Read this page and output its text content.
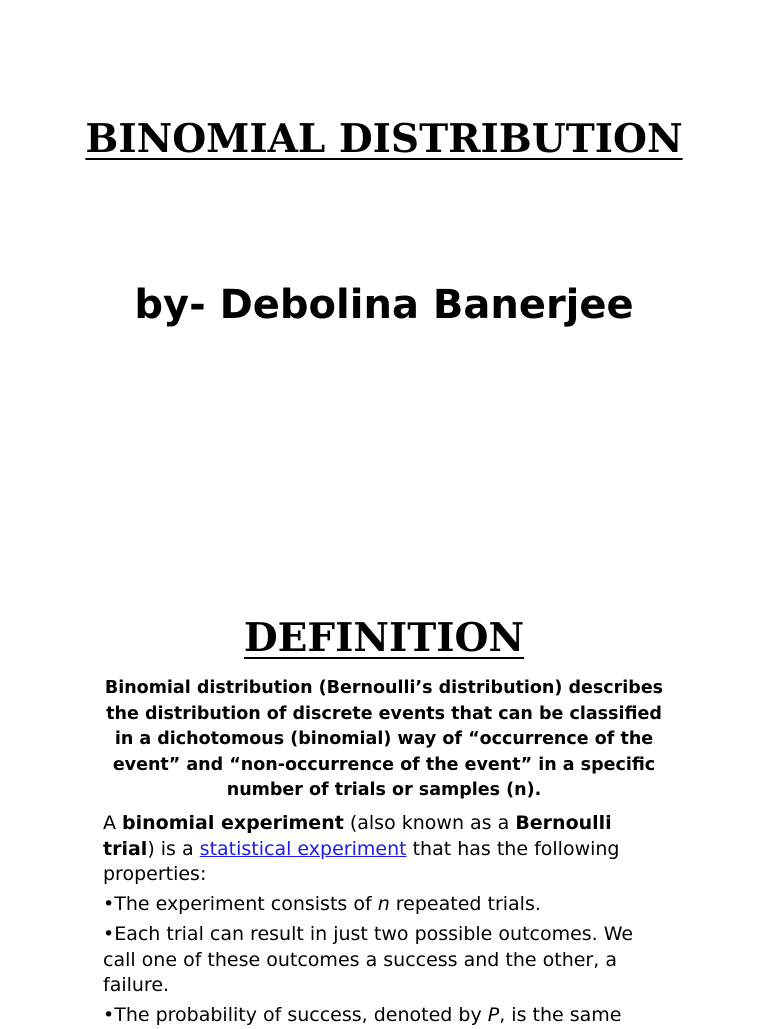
BINOMIAL DISTRIBUTION

by- Debolina Banerjee

DEFINITION

Binomial distribution (Bernoulli’s distribution) describes the distribution of discrete events that can be classified in a dichotomous (binomial) way of “occurrence of the event” and “non-occurrence of the event” in a specific number of trials or samples (n).

A binomial experiment (also known as a Bernoulli trial) is a statistical experiment that has the following properties:

•The experiment consists of n repeated trials.

•Each trial can result in just two possible outcomes. We call one of these outcomes a success and the other, a failure.

•The probability of success, denoted by P, is the same
